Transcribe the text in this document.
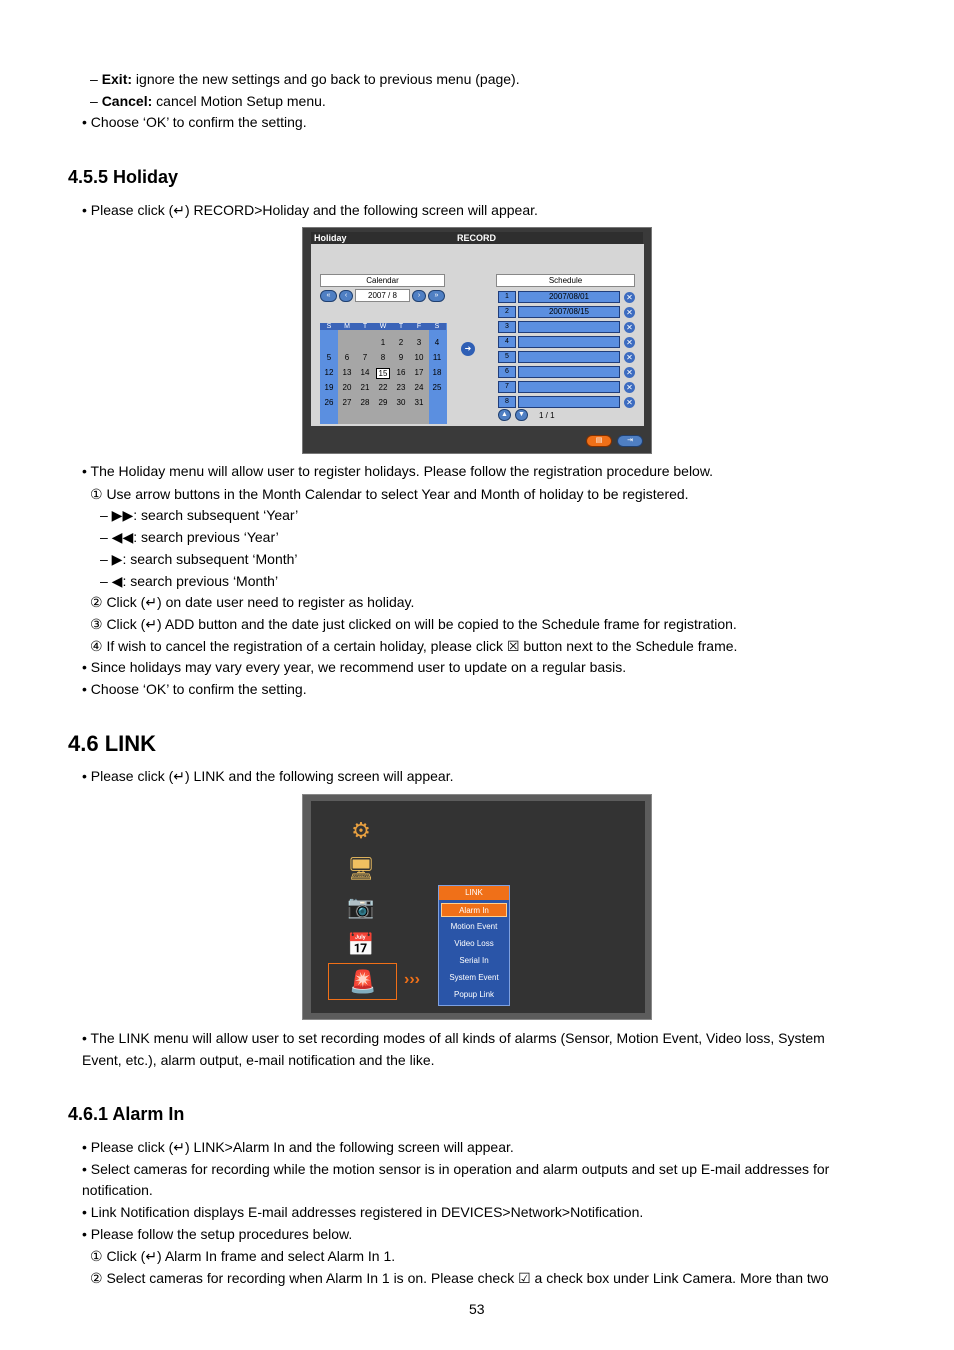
– Exit: ignore the new settings and go back to previous menu (page).
– Cancel: cancel Motion Setup menu.
• Choose ‘OK’ to confirm the setting.
4.5.5 Holiday
• Please click (↵) RECORD>Holiday and the following screen will appear.
Holiday	RECORD
Calendar
«	‹	2007 / 8	›	»
S	M	T	W	T	F	S
1	2	3	4
5	6	7	8	9	10	11
12	13	14	15	16	17	18
19	20	21	22	23	24	25
26	27	28	29	30	31
➜
Schedule
1	2007/08/01	✕
2	2007/08/15	✕
3	✕
4	✕
5	✕
6	✕
7	✕
8	✕
▲	▼	1 / 1
▤	⇥
• The Holiday menu will allow user to register holidays. Please follow the registration procedure below.
① Use arrow buttons in the Month Calendar to select Year and Month of holiday to be registered.
– ▶▶: search subsequent ‘Year’
– ◀◀: search previous ‘Year’
– ▶: search subsequent ‘Month’
– ◀: search previous ‘Month’
② Click (↵) on date user need to register as holiday.
③ Click (↵) ADD button and the date just clicked on will be copied to the Schedule frame for registration.
④ If wish to cancel the registration of a certain holiday, please click ☒ button next to the Schedule frame.
• Since holidays may vary every year, we recommend user to update on a regular basis.
• Choose ‘OK’ to confirm the setting.
4.6 LINK
• Please click (↵) LINK and the following screen will appear.
⚙
🖥
📷
📅
🚨	›››
LINK
Alarm In
Motion Event
Video Loss
Serial In
System Event
Popup Link
• The LINK menu will allow user to set recording modes of all kinds of alarms (Sensor, Motion Event, Video loss, System
Event, etc.), alarm output, e-mail notification and the like.
4.6.1 Alarm In
• Please click (↵) LINK>Alarm In and the following screen will appear.
• Select cameras for recording while the motion sensor is in operation and alarm outputs and set up E-mail addresses for
notification.
• Link Notification displays E-mail addresses registered in DEVICES>Network>Notification.
• Please follow the setup procedures below.
① Click (↵) Alarm In frame and select Alarm In 1.
② Select cameras for recording when Alarm In 1 is on. Please check ☑ a check box under Link Camera. More than two
53
